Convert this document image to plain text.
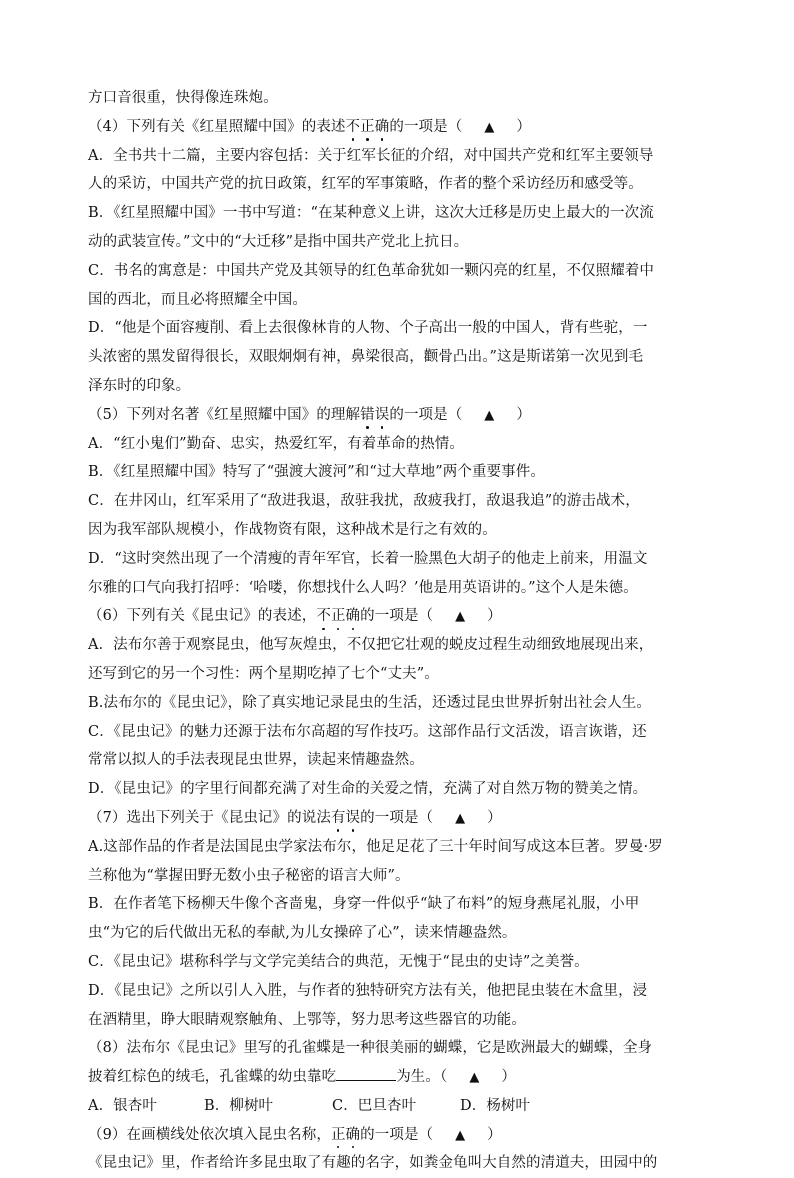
方口音很重，快得像连珠炮。
（4）下列有关《红星照耀中国》的表述不正确的一项是（   ▲   ）
A．全书共十二篇，主要内容包括：关于红军长征的介绍，对中国共产党和红军主要领导
人的采访，中国共产党的抗日政策，红军的军事策略，作者的整个采访经历和感受等。
B．《红星照耀中国》一书中写道：“在某种意义上讲，这次大迁移是历史上最大的一次流
动的武装宣传。”文中的“大迁移”是指中国共产党北上抗日。
C．书名的寓意是：中国共产党及其领导的红色革命犹如一颗闪亮的红星，不仅照耀着中
国的西北，而且必将照耀全中国。
D．“他是个面容瘦削、看上去很像林肯的人物、个子高出一般的中国人，背有些驼，一
头浓密的黑发留得很长，双眼炯炯有神，鼻梁很高，颧骨凸出。”这是斯诺第一次见到毛
泽东时的印象。
（5）下列对名著《红星照耀中国》的理解错误的一项是（   ▲   ）
A．“红小鬼们”勤奋、忠实，热爱红军，有着革命的热情。
B．《红星照耀中国》特写了“强渡大渡河”和“过大草地”两个重要事件。
C．在井冈山，红军采用了“敌进我退，敌驻我扰，敌疲我打，敌退我追”的游击战术，
因为我军部队规模小，作战物资有限，这种战术是行之有效的。
D．“这时突然出现了一个清瘦的青年军官，长着一脸黑色大胡子的他走上前来，用温文
尔雅的口气向我打招呼：‘哈喽，你想找什么人吗？’他是用英语讲的。”这个人是朱德。
（6）下列有关《昆虫记》的表述，不正确的一项是（   ▲   ）
A．法布尔善于观察昆虫，他写灰煌虫，不仅把它壮观的蜕皮过程生动细致地展现出来，
还写到它的另一个习性：两个星期吃掉了七个“丈夫”。
B.法布尔的《昆虫记》，除了真实地记录昆虫的生活，还透过昆虫世界折射出社会人生。
C．《昆虫记》的魅力还源于法布尔高超的写作技巧。这部作品行文活泼，语言诙谐，还
常常以拟人的手法表现昆虫世界，读起来情趣盎然。
D．《昆虫记》的字里行间都充满了对生命的关爱之情，充满了对自然万物的赞美之情。
（7）选出下列关于《昆虫记》的说法有误的一项是（   ▲   ）
A.这部作品的作者是法国昆虫学家法布尔，他足足花了三十年时间写成这本巨著。罗曼·罗
兰称他为“掌握田野无数小虫子秘密的语言大师”。
B．在作者笔下杨柳天牛像个吝啬鬼，身穿一件似乎“缺了布料”的短身燕尾礼服，小甲
虫“为它的后代做出无私的奉献,为儿女操碎了心”，读来情趣盎然。
C．《昆虫记》堪称科学与文学完美结合的典范，无愧于“昆虫的史诗”之美誉。
D．《昆虫记》之所以引人入胜，与作者的独特研究方法有关，他把昆虫装在木盒里，浸
在酒精里，睁大眼睛观察触角、上鄂等，努力思考这些器官的功能。
（8）法布尔《昆虫记》里写的孔雀蝶是一种很美丽的蝴蝶，它是欧洲最大的蝴蝶，全身
披着红棕色的绒毛，孔雀蝶的幼虫靠吃	为生。（   ▲   ）
A．银杏叶	B．柳树叶	C．巴旦杏叶	D．杨树叶
（9）在画横线处依次填入昆虫名称，正确的一项是（   ▲   ）
《昆虫记》里，作者给许多昆虫取了有趣的名字，如粪金龟叫大自然的清道夫，田园中的
